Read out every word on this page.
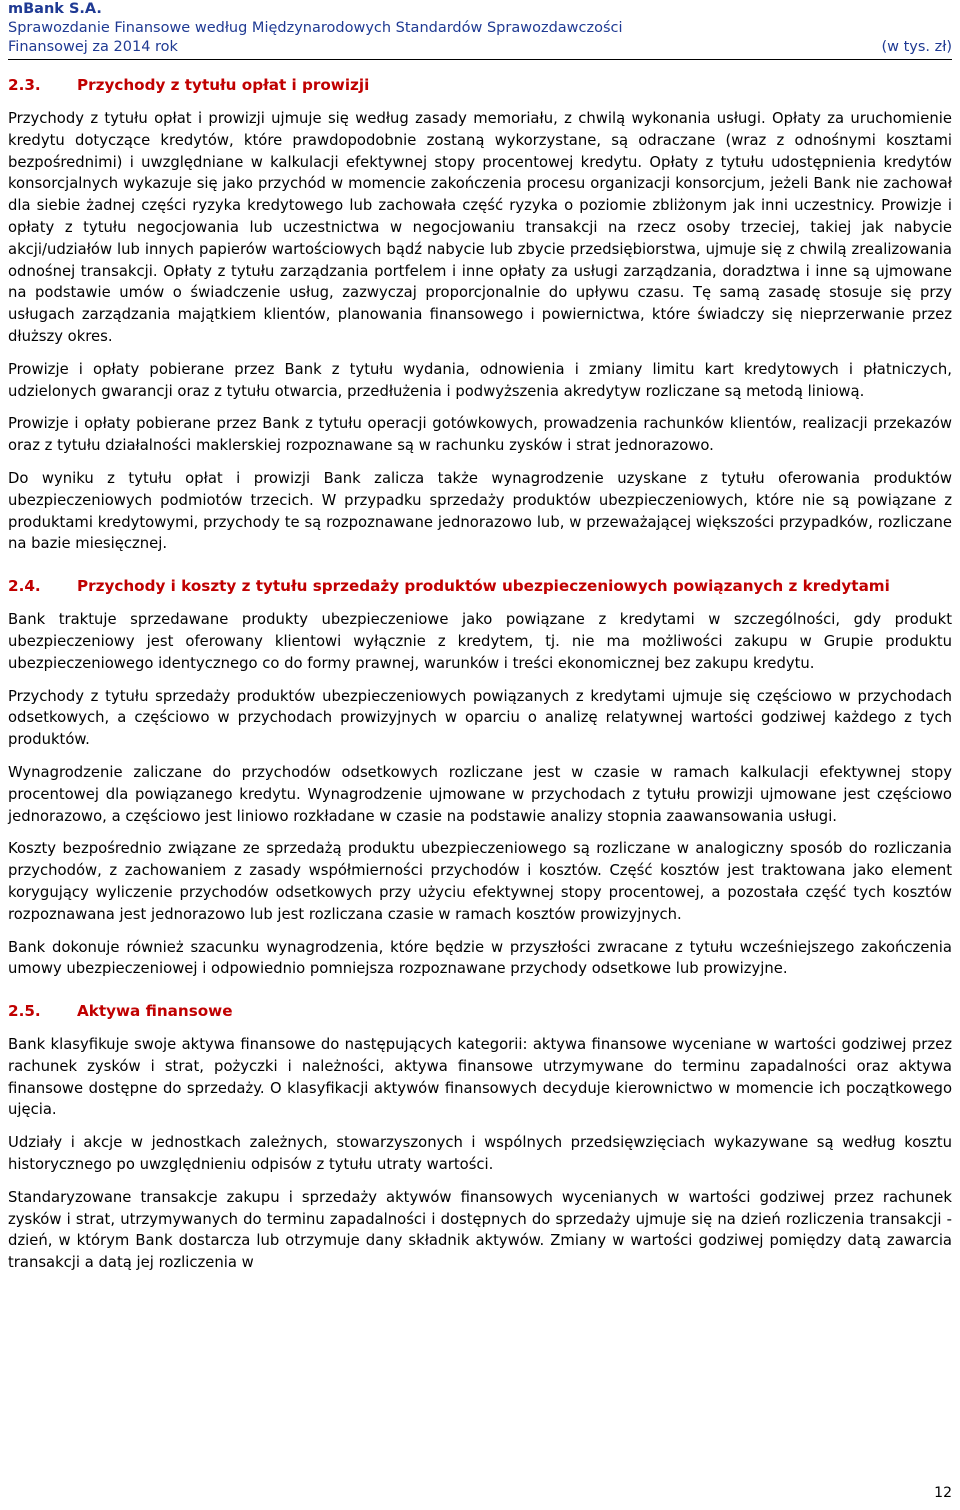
mBank S.A.
Sprawozdanie Finansowe według Międzynarodowych Standardów Sprawozdawczości
Finansowej za 2014 rok	(w tys. zł)
2.3.	Przychody z tytułu opłat i prowizji

Przychody z tytułu opłat i prowizji ujmuje się według zasady memoriału, z chwilą wykonania usługi. Opłaty za uruchomienie kredytu dotyczące kredytów, które prawdopodobnie zostaną wykorzystane, są odraczane (wraz z odnośnymi kosztami bezpośrednimi) i uwzględniane w kalkulacji efektywnej stopy procentowej kredytu. Opłaty z tytułu udostępnienia kredytów konsorcjalnych wykazuje się jako przychód w momencie zakończenia procesu organizacji konsorcjum, jeżeli Bank nie zachował dla siebie żadnej części ryzyka kredytowego lub zachowała część ryzyka o poziomie zbliżonym jak inni uczestnicy. Prowizje i opłaty z tytułu negocjowania lub uczestnictwa w negocjowaniu transakcji na rzecz osoby trzeciej, takiej jak nabycie akcji/udziałów lub innych papierów wartościowych bądź nabycie lub zbycie przedsiębiorstwa, ujmuje się z chwilą zrealizowania odnośnej transakcji. Opłaty z tytułu zarządzania portfelem i inne opłaty za usługi zarządzania, doradztwa i inne są ujmowane na podstawie umów o świadczenie usług, zazwyczaj proporcjonalnie do upływu czasu. Tę samą zasadę stosuje się przy usługach zarządzania majątkiem klientów, planowania finansowego i powiernictwa, które świadczy się nieprzerwanie przez dłuższy okres.

Prowizje i opłaty pobierane przez Bank z tytułu wydania, odnowienia i zmiany limitu kart kredytowych i płatniczych, udzielonych gwarancji oraz z tytułu otwarcia, przedłużenia i podwyższenia akredytyw rozliczane są metodą liniową.

Prowizje i opłaty pobierane przez Bank z tytułu operacji gotówkowych, prowadzenia rachunków klientów, realizacji przekazów oraz z tytułu działalności maklerskiej rozpoznawane są w rachunku zysków i strat jednorazowo.

Do wyniku z tytułu opłat i prowizji Bank zalicza także wynagrodzenie uzyskane z tytułu oferowania produktów ubezpieczeniowych podmiotów trzecich. W przypadku sprzedaży produktów ubezpieczeniowych, które nie są powiązane z produktami kredytowymi, przychody te są rozpoznawane jednorazowo lub, w przeważającej większości przypadków, rozliczane na bazie miesięcznej.

2.4.	Przychody i koszty z tytułu sprzedaży produktów ubezpieczeniowych powiązanych z kredytami

Bank traktuje sprzedawane produkty ubezpieczeniowe jako powiązane z kredytami w szczególności, gdy produkt ubezpieczeniowy jest oferowany klientowi wyłącznie z kredytem, tj. nie ma możliwości zakupu w Grupie produktu ubezpieczeniowego identycznego co do formy prawnej, warunków i treści ekonomicznej bez zakupu kredytu.

Przychody z tytułu sprzedaży produktów ubezpieczeniowych powiązanych z kredytami ujmuje się częściowo w przychodach odsetkowych, a częściowo w przychodach prowizyjnych w oparciu o analizę relatywnej wartości godziwej każdego z tych produktów.

Wynagrodzenie zaliczane do przychodów odsetkowych rozliczane jest w czasie w ramach kalkulacji efektywnej stopy procentowej dla powiązanego kredytu. Wynagrodzenie ujmowane w przychodach z tytułu prowizji ujmowane jest częściowo jednorazowo, a częściowo jest liniowo rozkładane w czasie na podstawie analizy stopnia zaawansowania usługi.

Koszty bezpośrednio związane ze sprzedażą produktu ubezpieczeniowego są rozliczane w analogiczny sposób do rozliczania przychodów, z zachowaniem z zasady współmierności przychodów i kosztów. Część kosztów jest traktowana jako element korygujący wyliczenie przychodów odsetkowych przy użyciu efektywnej stopy procentowej, a pozostała część tych kosztów rozpoznawana jest jednorazowo lub jest rozliczana czasie w ramach kosztów prowizyjnych.

Bank dokonuje również szacunku wynagrodzenia, które będzie w przyszłości zwracane z tytułu wcześniejszego zakończenia umowy ubezpieczeniowej i odpowiednio pomniejsza rozpoznawane przychody odsetkowe lub prowizyjne.

2.5.	Aktywa finansowe

Bank klasyfikuje swoje aktywa finansowe do następujących kategorii: aktywa finansowe wyceniane w wartości godziwej przez rachunek zysków i strat, pożyczki i należności, aktywa finansowe utrzymywane do terminu zapadalności oraz aktywa finansowe dostępne do sprzedaży. O klasyfikacji aktywów finansowych decyduje kierownictwo w momencie ich początkowego ujęcia.

Udziały i akcje w jednostkach zależnych, stowarzyszonych i wspólnych przedsięwzięciach wykazywane są według kosztu historycznego po uwzględnieniu odpisów z tytułu utraty wartości.

Standaryzowane transakcje zakupu i sprzedaży aktywów finansowych wycenianych w wartości godziwej przez rachunek zysków i strat, utrzymywanych do terminu zapadalności i dostępnych do sprzedaży ujmuje się na dzień rozliczenia transakcji - dzień, w którym Bank dostarcza lub otrzymuje dany składnik aktywów. Zmiany w wartości godziwej pomiędzy datą zawarcia transakcji a datą jej rozliczenia w

12
